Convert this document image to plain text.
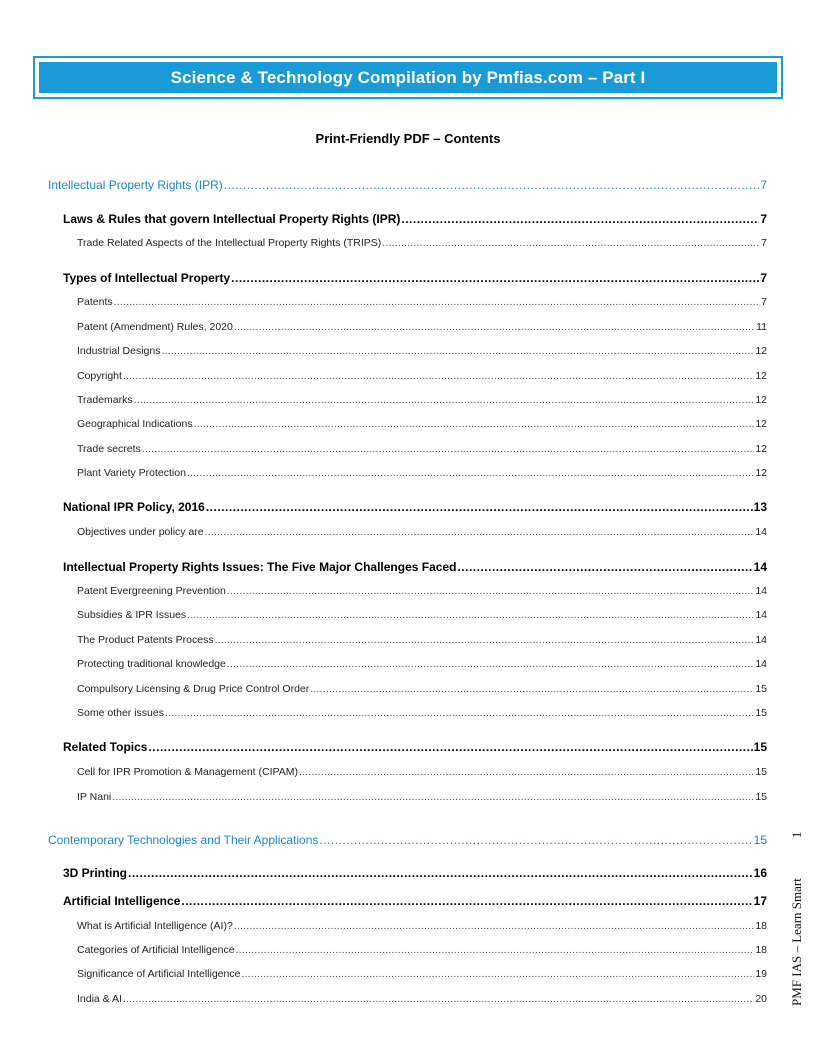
Science & Technology Compilation by Pmfias.com – Part I
Print-Friendly PDF – Contents
Intellectual Property Rights (IPR) .....	7
Laws & Rules that govern Intellectual Property Rights (IPR) .....	7
Trade Related Aspects of the Intellectual Property Rights (TRIPS) .....	7
Types of Intellectual Property .....	7
Patents .....	7
Patent (Amendment) Rules, 2020 .....	11
Industrial Designs .....	12
Copyright .....	12
Trademarks .....	12
Geographical Indications .....	12
Trade secrets .....	12
Plant Variety Protection .....	12
National IPR Policy, 2016 .....	13
Objectives under policy are .....	14
Intellectual Property Rights Issues: The Five Major Challenges Faced .....	14
Patent Evergreening Prevention .....	14
Subsidies & IPR Issues .....	14
The Product Patents Process .....	14
Protecting traditional knowledge .....	14
Compulsory Licensing & Drug Price Control Order .....	15
Some other issues .....	15
Related Topics .....	15
Cell for IPR Promotion & Management (CIPAM) .....	15
IP Nani .....	15
Contemporary Technologies and Their Applications .....	15
3D Printing .....	16
Artificial Intelligence .....	17
What is Artificial Intelligence (AI)? .....	18
Categories of Artificial Intelligence .....	18
Significance of Artificial Intelligence .....	19
India & AI .....	20 PMF IAS – Learn Smart1
